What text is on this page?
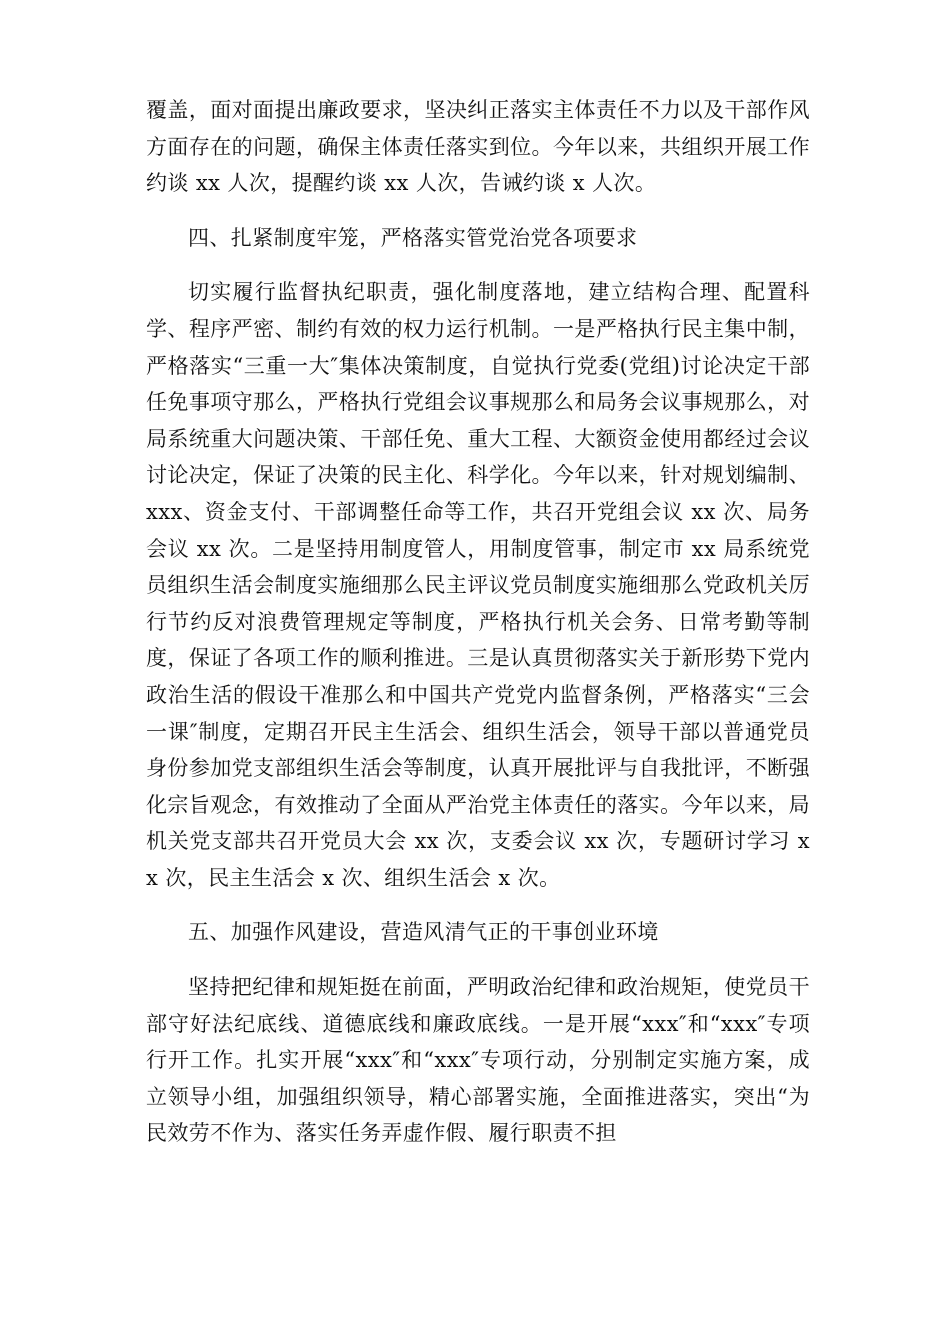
覆盖，面对面提出廉政要求，坚决纠正落实主体责任不力以及干部作风方面存在的问题，确保主体责任落实到位。今年以来，共组织开展工作约谈 xx 人次，提醒约谈 xx 人次，告诫约谈 x 人次。

四、扎紧制度牢笼，严格落实管党治党各项要求

切实履行监督执纪职责，强化制度落地，建立结构合理、配置科学、程序严密、制约有效的权力运行机制。一是严格执行民主集中制，严格落实“三重一大″集体决策制度，自觉执行党委(党组)讨论决定干部任免事项守那么，严格执行党组会议事规那么和局务会议事规那么，对局系统重大问题决策、干部任免、重大工程、大额资金使用都经过会议讨论决定，保证了决策的民主化、科学化。今年以来，针对规划编制、xxx、资金支付、干部调整任命等工作，共召开党组会议 xx 次、局务会议 xx 次。二是坚持用制度管人，用制度管事，制定市 xx 局系统党员组织生活会制度实施细那么民主评议党员制度实施细那么党政机关厉行节约反对浪费管理规定等制度，严格执行机关会务、日常考勤等制度，保证了各项工作的顺利推进。三是认真贯彻落实关于新形势下党内政治生活的假设干准那么和中国共产党党内监督条例，严格落实“三会一课″制度，定期召开民主生活会、组织生活会，领导干部以普通党员身份参加党支部组织生活会等制度，认真开展批评与自我批评，不断强化宗旨观念，有效推动了全面从严治党主体责任的落实。今年以来，局机关党支部共召开党员大会 xx 次，支委会议 xx 次，专题研讨学习 xx 次，民主生活会 x 次、组织生活会 x 次。

五、加强作风建设，营造风清气正的干事创业环境

坚持把纪律和规矩挺在前面，严明政治纪律和政治规矩，使党员干部守好法纪底线、道德底线和廉政底线。一是开展“xxx″和“xxx″专项行开工作。扎实开展“xxx″和“xxx″专项行动，分别制定实施方案，成立领导小组，加强组织领导，精心部署实施，全面推进落实，突出“为民效劳不作为、落实任务弄虚作假、履行职责不担
